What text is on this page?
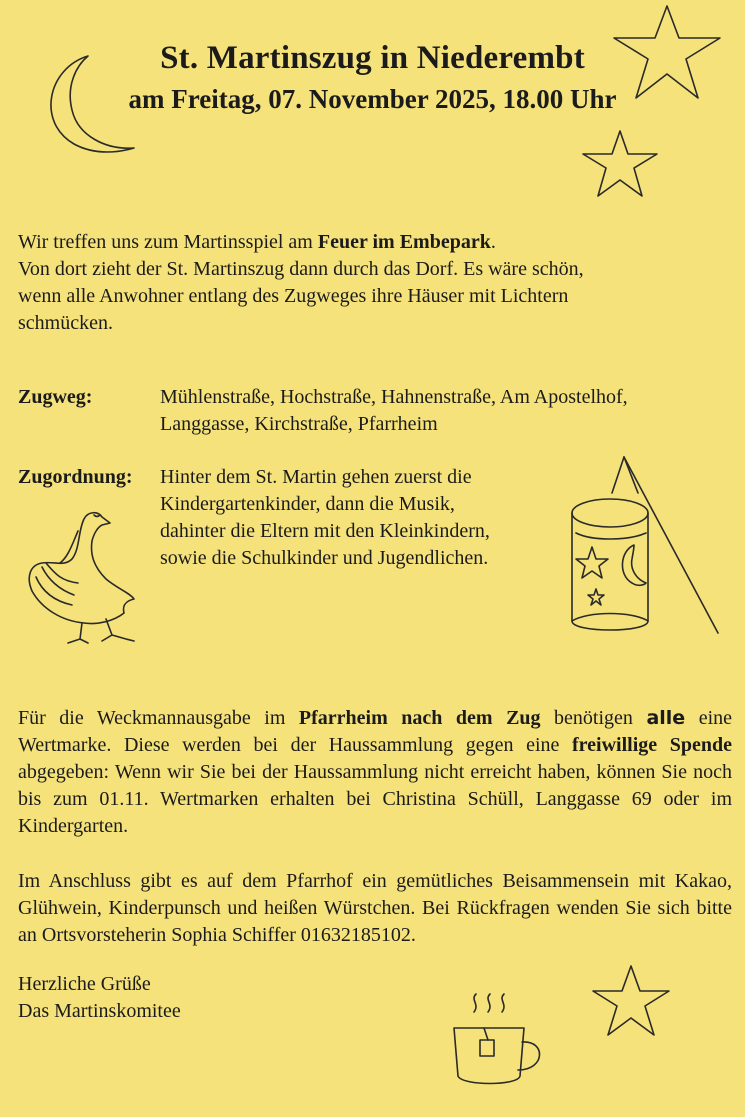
St. Martinszug in Niederembt
am Freitag, 07. November 2025, 18.00 Uhr
Wir treffen uns zum Martinsspiel am Feuer im Embepark.
Von dort zieht der St. Martinszug dann durch das Dorf. Es wäre schön,
wenn alle Anwohner entlang des Zugweges ihre Häuser mit Lichtern
schmücken.
Zugweg:	Mühlenstraße, Hochstraße, Hahnenstraße, Am Apostelhof,
Langgasse, Kirchstraße, Pfarrheim
Zugordnung: Hinter dem St. Martin gehen zuerst die
Kindergartenkinder, dann die Musik,
dahinter die Eltern mit den Kleinkindern,
sowie die Schulkinder und Jugendlichen.
Für die Weckmannausgabe im Pfarrheim nach dem Zug benötigen alle eine Wertmarke. Diese werden bei der Haussammlung gegen eine freiwillige Spende abgegeben: Wenn wir Sie bei der Haussammlung nicht erreicht haben, können Sie noch bis zum 01.11. Wertmarken erhalten bei Christina Schüll, Langgasse 69 oder im Kindergarten.
Im Anschluss gibt es auf dem Pfarrhof ein gemütliches Beisammensein mit Kakao, Glühwein, Kinderpunsch und heißen Würstchen. Bei Rückfragen wenden Sie sich bitte an Ortsvorsteherin Sophia Schiffer 01632185102.
Herzliche Grüße
Das Martinskomitee
